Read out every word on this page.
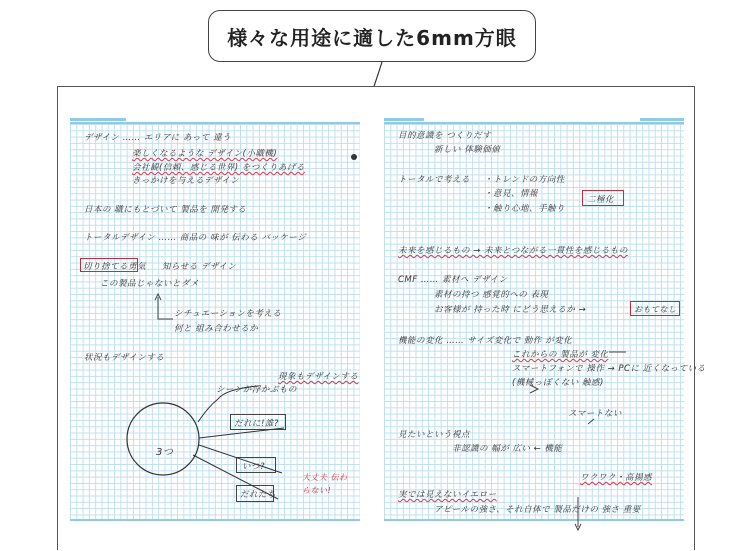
様々な用途に適した6mm方眼
デザイン …… エリアに あって 違う
楽しくなるような デザイン(小職機)
会社観(信頼、感じる世界) をつくりあげる
きっかけを与えるデザイン
日本の 職にもとづいて 製品を 開発する
トータルデザイン …… 商品の 味が 伝わる パッケージ
切り捨てる勇気 知らせる デザイン
この製品じゃないとダメ
シチュエーションを考える
何と 組み合わせるか
状況もデザインする
現象もデザインする
3つ
シーンが浮かぶもの
だれに!誰?
いつ?
だれたち
大丈夫 伝わらない!
目的意識を つくりだす
新しい 体験価値
トータルで考える ・トレンドの方向性
・意見、情報
・触り心地、手触り
二極化
未来を感じるもの → 未来とつながる一貫性を感じるもの
CMF …… 素材へ デザイン
素材の持つ 感覚的への 表現
お客様が 持った時 にどう思えるか →	おもてなし
機能の変化 …… サイズ変化で 動作 が変化
これからの 製品が 変化
スマートフォンで 操作 → PCに 近くなっている
(機械っぽくない 触感)
スマートない
見たいという視点
非認識の 幅が 広い ← 機能
ワクワク・高揚感
実では見えないイエロー
アピールの強さ、それ自体で 製品だけの 強さ 重要
